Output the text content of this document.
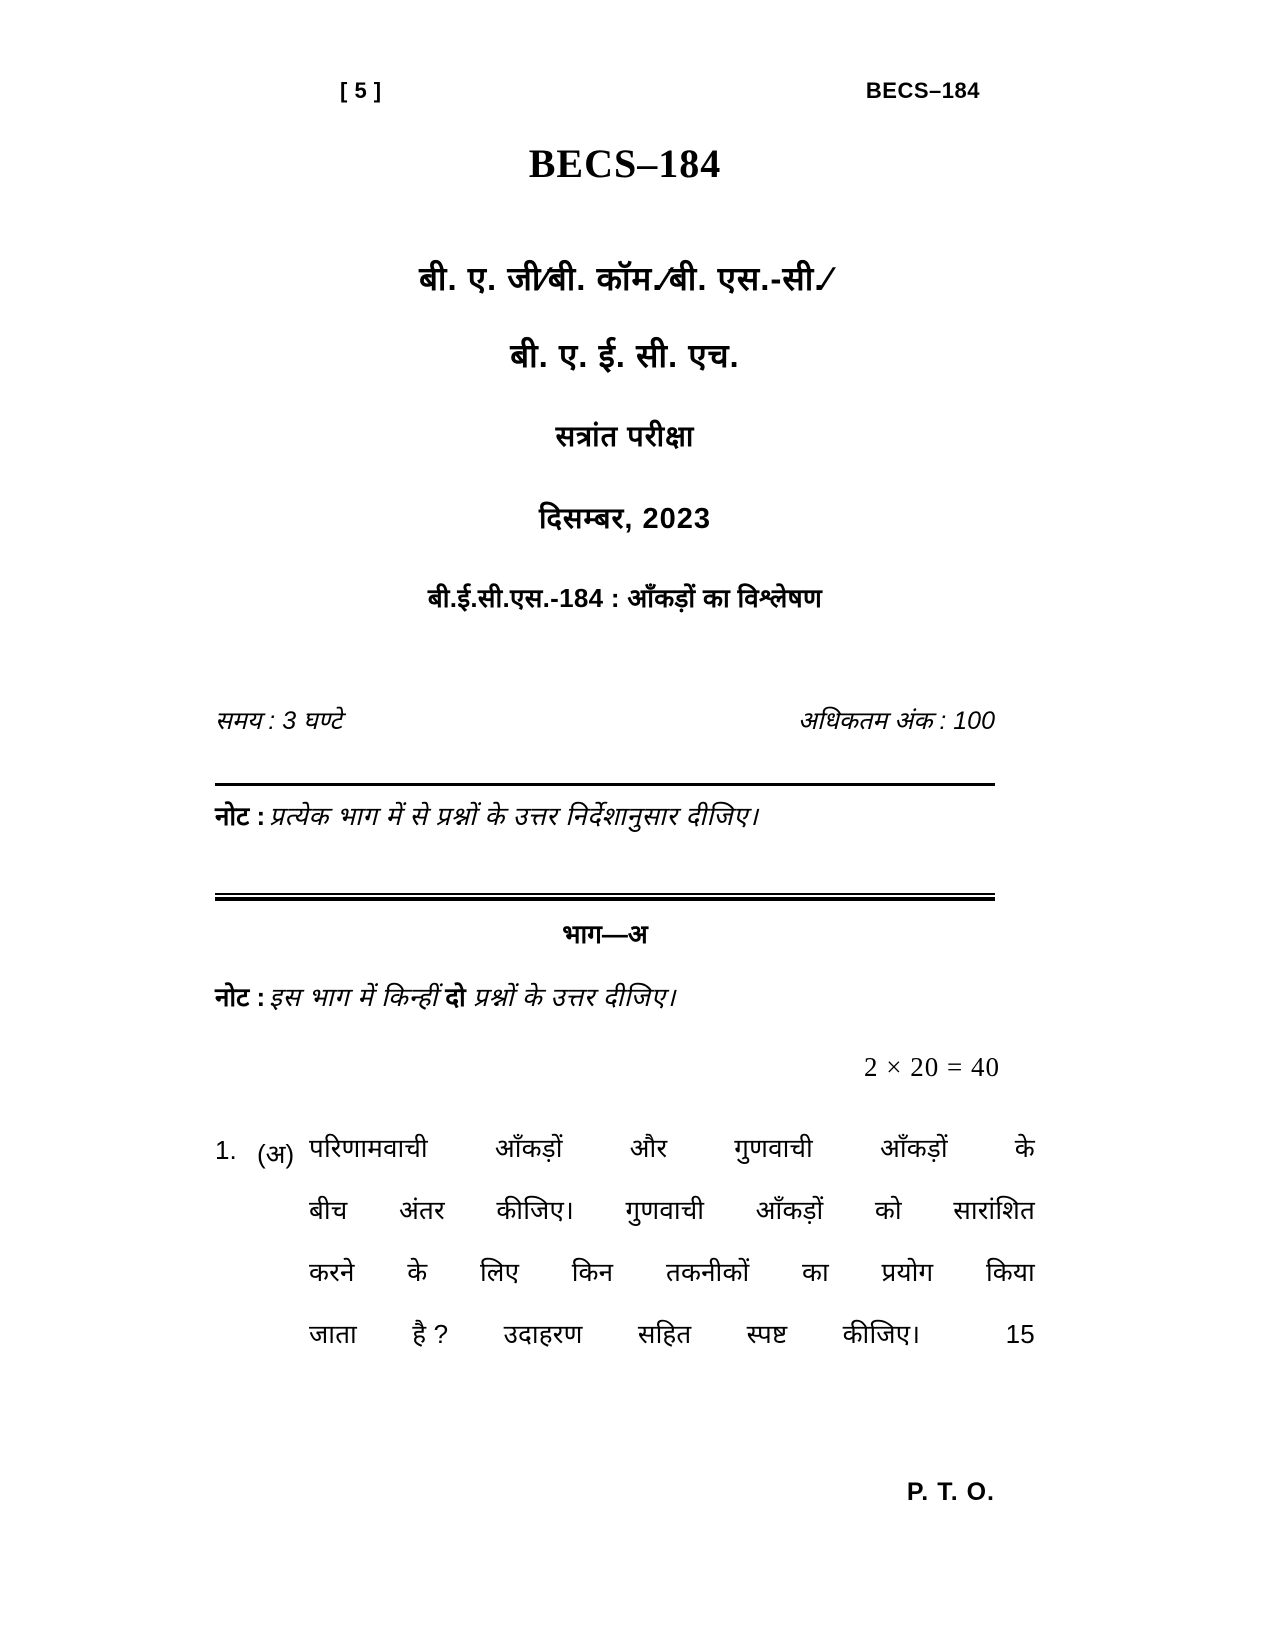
[ 5 ]	BECS–184
BECS–184
बी. ए. जी∕बी. कॉम.∕बी. एस.-सी.∕
बी. ए. ई. सी. एच.
सत्रांत परीक्षा
दिसम्बर, 2023
बी.ई.सी.एस.-184 : आँकड़ों का विश्लेषण
समय : 3 घण्टे	अधिकतम अंक : 100
नोट : प्रत्येक भाग में से प्रश्नों के उत्तर निर्देशानुसार दीजिए।
भाग—अ
नोट : इस भाग में किन्हीं दो प्रश्नों के उत्तर दीजिए।
2 × 20 = 40
1. (अ) परिणामवाची	आँकड़ों	और	गुणवाची	आँकड़ों	के
बीच अंतर कीजिए। गुणवाची आँकड़ों को सारांशित
करने के लिए किन तकनीकों का प्रयोग किया
जाता है ? उदाहरण सहित स्पष्ट कीजिए।	15
P. T. O.
